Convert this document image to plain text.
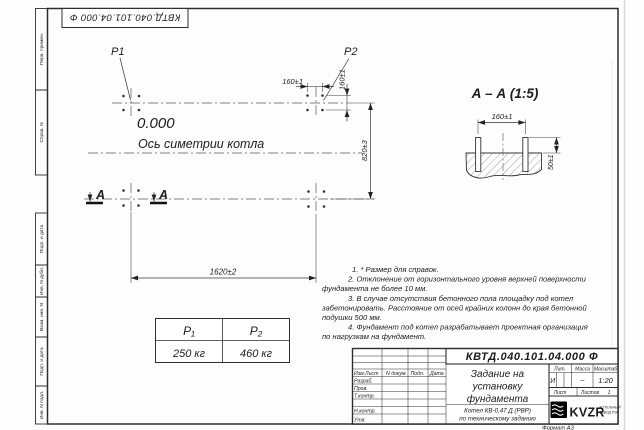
КВТД.040.101.04.000 Ф
Перв. примен.
Справ. N
Подп. и дата
Инв. N дубл.
Взам. инв. N
Подп. и дата
Инв. N подл.
P1	P2
0.000
Ось симетрии котла
160±1	160±1
820±3
1620±2
А	А
А – А (1:5)
160±1
50±1
1. * Размер для справок.
2. Отклонение от горизонтального уровня верхней поверхности
фундамента не более 10 мм.
3. В случае отсутствия бетонного пола площадку под котел
забетонировать. Расстояние от осей крайних колонн до края бетонной
подушки 500 мм.
4. Фундамент под котел разрабатывает проектная организация
по нагрузкам на фундамент.
P₁	P₂
250 кг	460 кг	КВТД.040.101.04.000 Ф
Изм.Лист N докум. Подп. Дата
Разраб.
Пров.
Т.контр.
Н.контр.
Утв.
Задание на
установку
фундамента
Котел КВ-0,47 Д (РВР)
по техническому заданию
Лит. Масса Масштаб
И	– 1:20
Лист	Листов 1
KVZR
КОТЕЛЬНЫЙ
ЗАВОД РЭП
Формат А3
